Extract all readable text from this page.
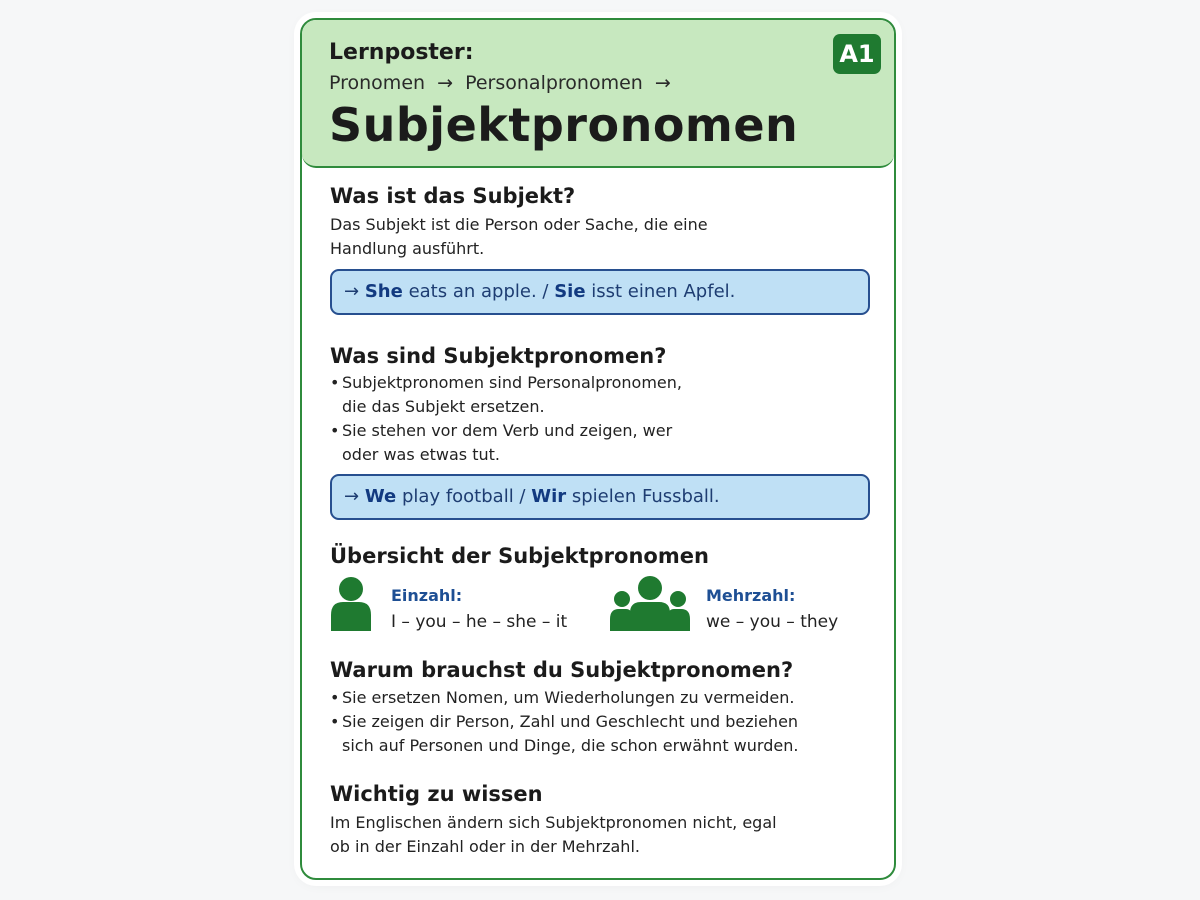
Lernposter:
Pronomen → Personalpronomen →
Subjektpronomen
A1
Was ist das Subjekt?
Das Subjekt ist die Person oder Sache, die eine
Handlung ausführt.
→ She eats an apple. / Sie isst einen Apfel.
Was sind Subjektpronomen?
• Subjektpronomen sind Personalpronomen,
die das Subjekt ersetzen.
• Sie stehen vor dem Verb und zeigen, wer
oder was etwas tut.
→ We play football / Wir spielen Fussball.
Übersicht der Subjektpronomen
Einzahl:
I – you – he – she – it
Mehrzahl:
we – you – they
Warum brauchst du Subjektpronomen?
• Sie ersetzen Nomen, um Wiederholungen zu vermeiden.
• Sie zeigen dir Person, Zahl und Geschlecht und beziehen
sich auf Personen und Dinge, die schon erwähnt wurden.
Wichtig zu wissen
Im Englischen ändern sich Subjektpronomen nicht, egal
ob in der Einzahl oder in der Mehrzahl.
